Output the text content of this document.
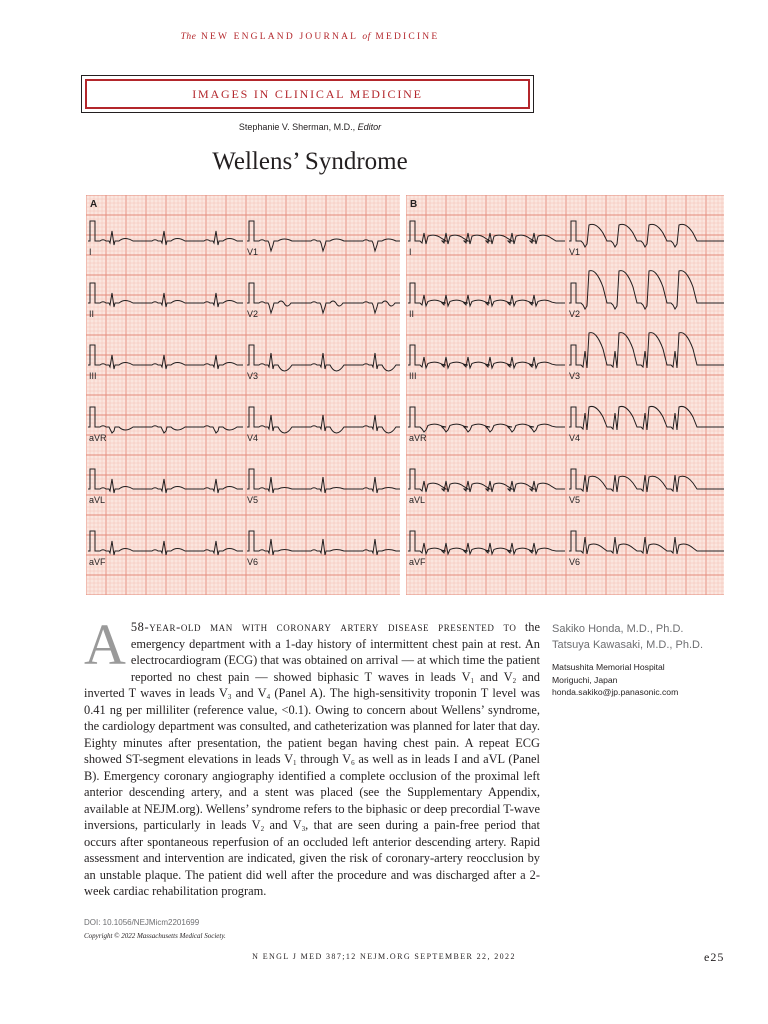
The NEW ENGLAND JOURNAL of MEDICINE
IMAGES IN CLINICAL MEDICINE
Stephanie V. Sherman, M.D., Editor
Wellens’ Syndrome
A
I	V1
II	V2
III	V3
aVR	V4
aVL	V5
aVF	V6
B
I	V1
II	V2
III	V3
aVR	V4
aVL	V5
aVF	V6
A 58-year-old man with coronary artery disease presented to the emergency department with a 1-day history of intermittent chest pain at rest. An electrocardiogram (ECG) that was obtained on arrival — at which time the patient reported no chest pain — showed biphasic T waves in leads $V_1$ and $V_2$ and inverted T waves in leads $V_3$ and $V_4$ (Panel A). The high-sensitivity troponin T level was 0.41 ng per milliliter (reference value, <0.1). Owing to concern about Wellens’ syndrome, the cardiology department was consulted, and catheterization was planned for later that day. Eighty minutes after presentation, the patient began having chest pain. A repeat ECG showed ST-segment elevations in leads $V_1$ through $V_6$ as well as in leads I and aVL (Panel B). Emergency coronary angiography identified a complete occlusion of the proximal left anterior descending artery, and a stent was placed (see the Supplementary Appendix, available at NEJM.org). Wellens’ syndrome refers to the biphasic or deep precordial T-wave inversions, particularly in leads $V_2$ and $V_3$, that are seen during a pain-free period that occurs after spontaneous reperfusion of an occluded left anterior descending artery. Rapid assessment and intervention are indicated, given the risk of coronary-artery reocclusion by an unstable plaque. The patient did well after the procedure and was discharged after a 2-week cardiac rehabilitation program.
Sakiko Honda, M.D., Ph.D.
Tatsuya Kawasaki, M.D., Ph.D.
Matsushita Memorial Hospital
Moriguchi, Japan
honda.sakiko@jp.panasonic.com
DOI: 10.1056/NEJMicm2201699
Copyright © 2022 Massachusetts Medical Society.
N ENGL J MED 387;12 NEJM.ORG SEPTEMBER 22, 2022	e25
